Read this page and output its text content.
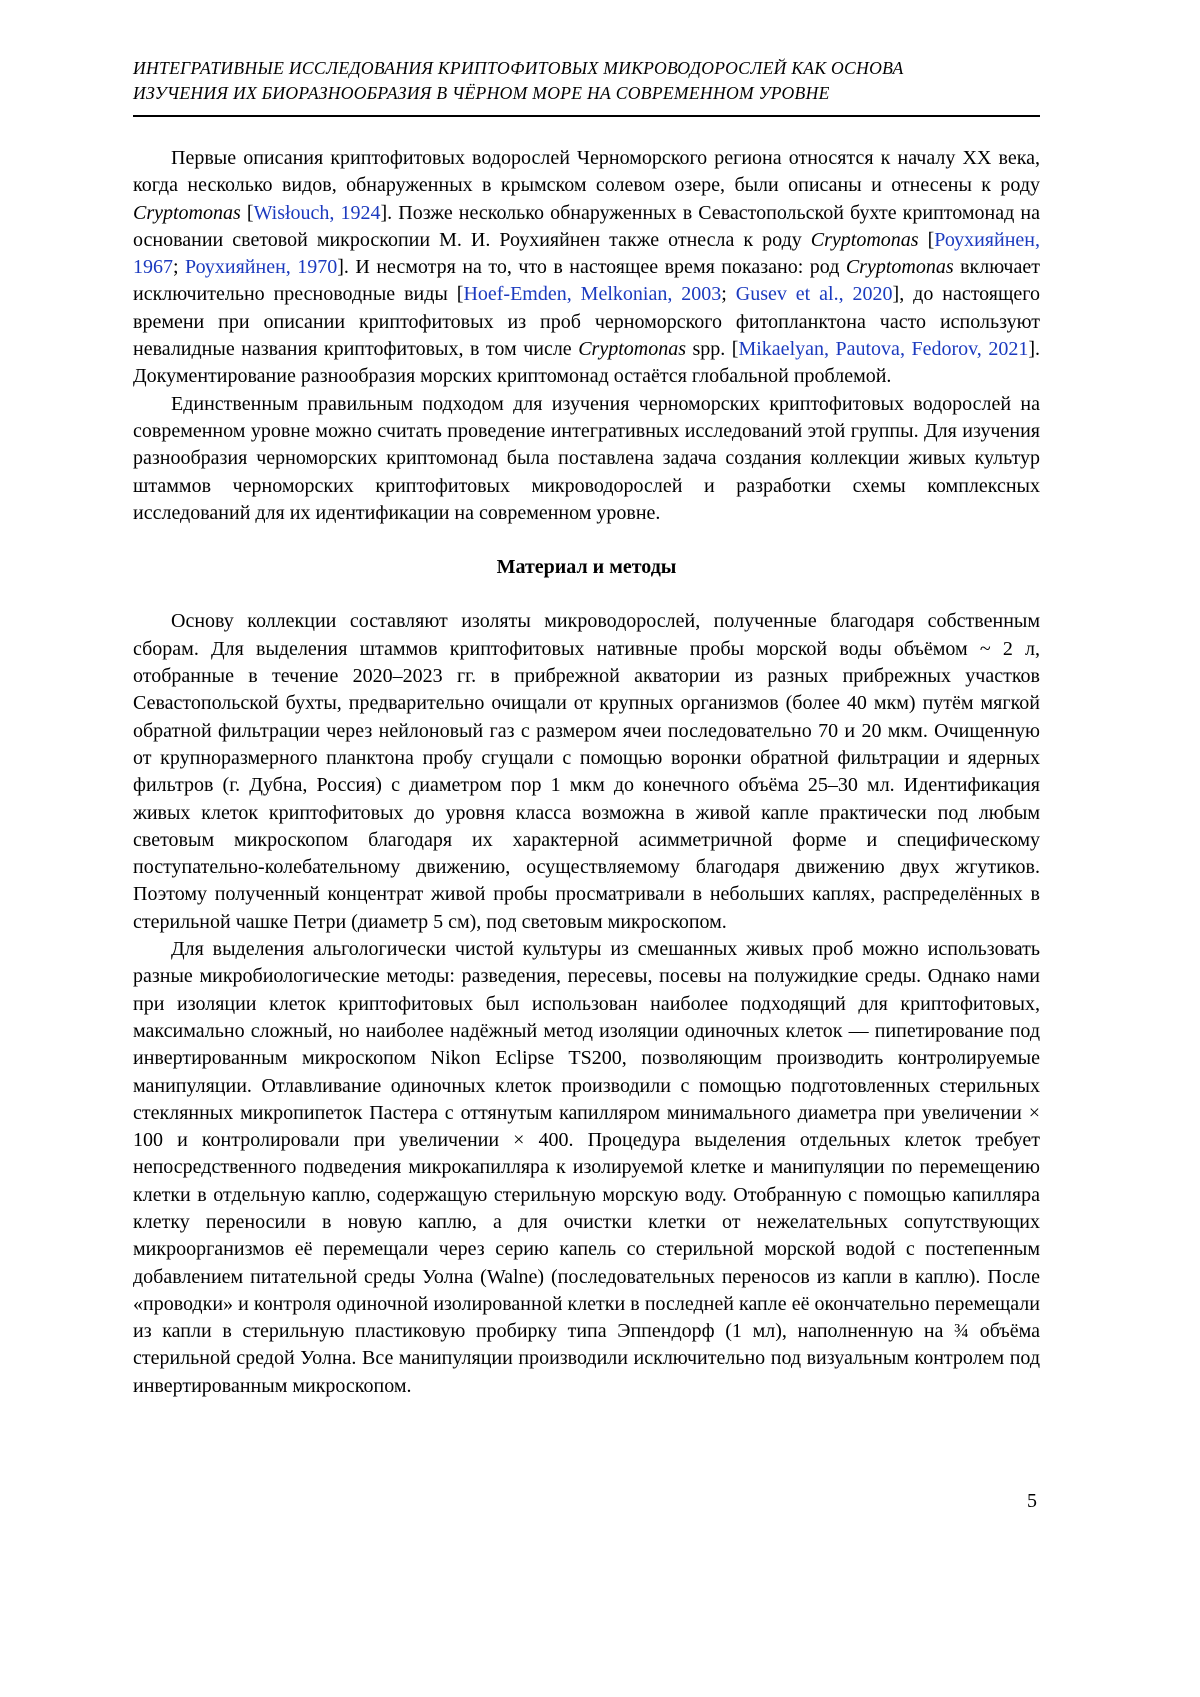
ИНТЕГРАТИВНЫЕ ИССЛЕДОВАНИЯ КРИПТОФИТОВЫХ МИКРОВОДОРОСЛЕЙ КАК ОСНОВА
ИЗУЧЕНИЯ ИХ БИОРАЗНООБРАЗИЯ В ЧЁРНОМ МОРЕ НА СОВРЕМЕННОМ УРОВНЕ

Первые описания криптофитовых водорослей Черноморского региона относятся к началу XX века, когда несколько видов, обнаруженных в крымском солевом озере, были описаны и отнесены к роду Cryptomonas [Wisłouch, 1924]. Позже несколько обнаруженных в Севастопольской бухте криптомонад на основании световой микроскопии М. И. Роухияйнен также отнесла к роду Cryptomonas [Роухияйнен, 1967; Роухияйнен, 1970]. И несмотря на то, что в настоящее время показано: род Cryptomonas включает исключительно пресноводные виды [Hoef-Emden, Melkonian, 2003; Gusev et al., 2020], до настоящего времени при описании криптофитовых из проб черноморского фитопланктона часто используют невалидные названия криптофитовых, в том числе Cryptomonas spp. [Mikaelyan, Pautova, Fedorov, 2021]. Документирование разнообразия морских криптомонад остаётся глобальной проблемой.

Единственным правильным подходом для изучения черноморских криптофитовых водорослей на современном уровне можно считать проведение интегративных исследований этой группы. Для изучения разнообразия черноморских криптомонад была поставлена задача создания коллекции живых культур штаммов черноморских криптофитовых микроводорослей и разработки схемы комплексных исследований для их идентификации на современном уровне.

Материал и методы

Основу коллекции составляют изоляты микроводорослей, полученные благодаря собственным сборам. Для выделения штаммов криптофитовых нативные пробы морской воды объёмом ~ 2 л, отобранные в течение 2020–2023 гг. в прибрежной акватории из разных прибрежных участков Севастопольской бухты, предварительно очищали от крупных организмов (более 40 мкм) путём мягкой обратной фильтрации через нейлоновый газ с размером ячеи последовательно 70 и 20 мкм. Очищенную от крупноразмерного планктона пробу сгущали с помощью воронки обратной фильтрации и ядерных фильтров (г. Дубна, Россия) с диаметром пор 1 мкм до конечного объёма 25–30 мл. Идентификация живых клеток криптофитовых до уровня класса возможна в живой капле практически под любым световым микроскопом благодаря их характерной асимметричной форме и специфическому поступательно-колебательному движению, осуществляемому благодаря движению двух жгутиков. Поэтому полученный концентрат живой пробы просматривали в небольших каплях, распределённых в стерильной чашке Петри (диаметр 5 см), под световым микроскопом.

Для выделения альгологически чистой культуры из смешанных живых проб можно использовать разные микробиологические методы: разведения, пересевы, посевы на полужидкие среды. Однако нами при изоляции клеток криптофитовых был использован наиболее подходящий для криптофитовых, максимально сложный, но наиболее надёжный метод изоляции одиночных клеток — пипетирование под инвертированным микроскопом Nikon Eclipse TS200, позволяющим производить контролируемые манипуляции. Отлавливание одиночных клеток производили с помощью подготовленных стерильных стеклянных микропипеток Пастера с оттянутым капилляром минимального диаметра при увеличении × 100 и контролировали при увеличении × 400. Процедура выделения отдельных клеток требует непосредственного подведения микрокапилляра к изолируемой клетке и манипуляции по перемещению клетки в отдельную каплю, содержащую стерильную морскую воду. Отобранную с помощью капилляра клетку переносили в новую каплю, а для очистки клетки от нежелательных сопутствующих микроорганизмов её перемещали через серию капель со стерильной морской водой с постепенным добавлением питательной среды Уолна (Walne) (последовательных переносов из капли в каплю). После «проводки» и контроля одиночной изолированной клетки в последней капле её окончательно перемещали из капли в стерильную пластиковую пробирку типа Эппендорф (1 мл), наполненную на ¾ объёма стерильной средой Уолна. Все манипуляции производили исключительно под визуальным контролем под инвертированным микроскопом.

5
